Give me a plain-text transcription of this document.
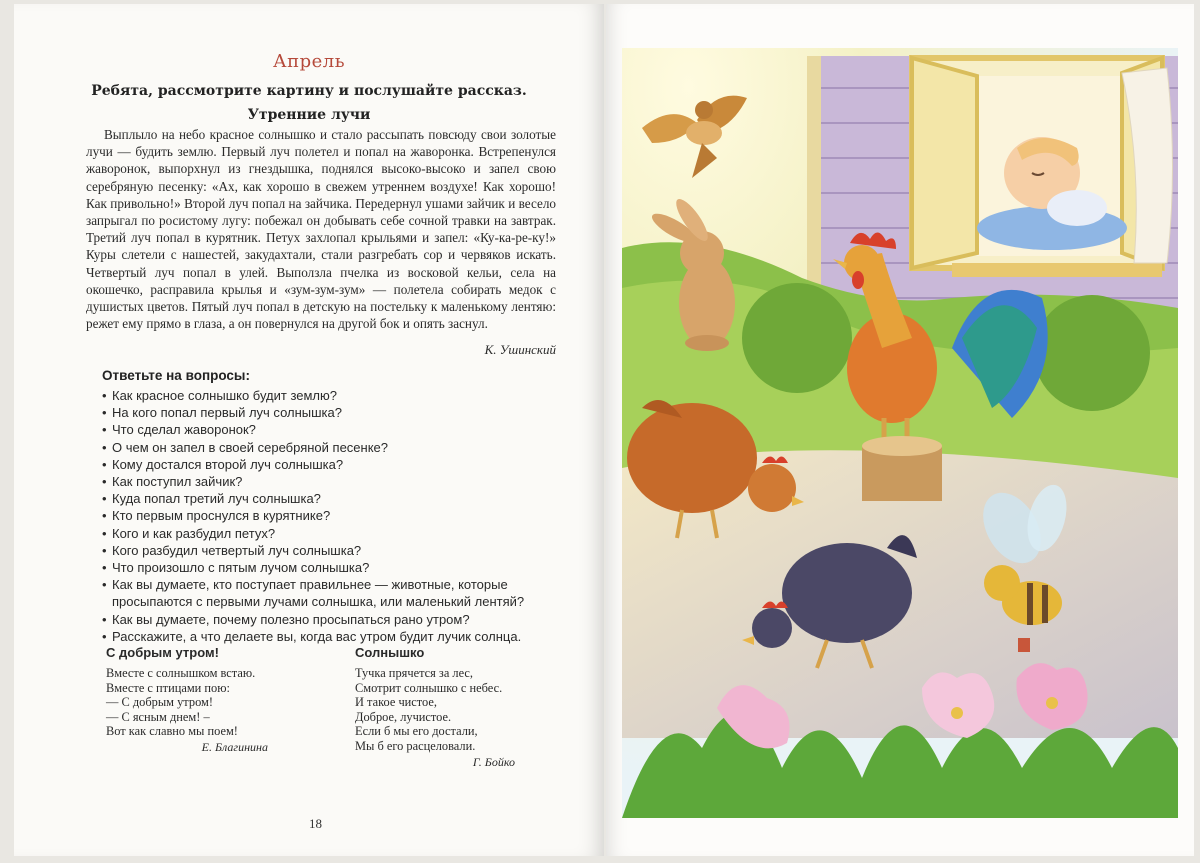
Апрель
Ребята, рассмотрите картину и послушайте рассказ.
Утренние лучи

Выплыло на небо красное солнышко и стало рассыпать повсюду свои золотые лучи — будить землю. Первый луч полетел и попал на жаворонка. Встрепенулся жаворонок, выпорхнул из гнездышка, поднялся высоко-высоко и запел свою серебряную песенку: «Ах, как хорошо в свежем утреннем воздухе! Как хорошо! Как привольно!» Второй луч попал на зайчика. Передернул ушами зайчик и весело запрыгал по росистому лугу: побежал он добывать себе сочной травки на завтрак. Третий луч попал в курятник. Петух захлопал крыльями и запел: «Ку-ка-ре-ку!» Куры слетели с нашестей, закудахтали, стали разгребать сор и червяков искать. Четвертый луч попал в улей. Выползла пчелка из восковой кельи, села на окошечко, расправила крылья и «зум-зум-зум» — полетела собирать медок с душистых цветов. Пятый луч попал в детскую на постельку к маленькому лентяю: режет ему прямо в глаза, а он повернулся на другой бок и опять заснул.

К. Ушинский
Ответьте на вопросы:
• Как красное солнышко будит землю?
• На кого попал первый луч солнышка?
• Что сделал жаворонок?
• О чем он запел в своей серебряной песенке?
• Кому достался второй луч солнышка?
• Как поступил зайчик?
• Куда попал третий луч солнышка?
• Кто первым проснулся в курятнике?
• Кого и как разбудил петух?
• Кого разбудил четвертый луч солнышка?
• Что произошло с пятым лучом солнышка?
• Как вы думаете, кто поступает правильнее — животные, которые просыпаются с первыми лучами солнышка, или маленький лентяй?
• Как вы думаете, почему полезно просыпаться рано утром?
• Расскажите, а что делаете вы, когда вас утром будит лучик солнца.
С добрым утром!
Вместе с солнышком встаю.
Вместе с птицами пою:
— С добрым утром!
— С ясным днем! –
Вот как славно мы поем!
Е. Благинина
Солнышко
Тучка прячется за лес,
Смотрит солнышко с небес.
И такое чистое,
Доброе, лучистое.
Если б мы его достали,
Мы б его расцеловали.
Г. Бойко
18
